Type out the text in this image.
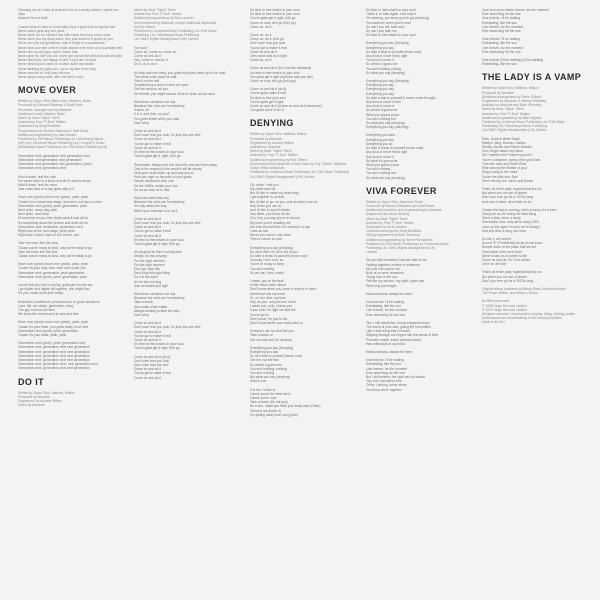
Cheating me an i tried at sixth and the on I slowly rocked, I spent two days
Nearest Tent of fault.

I cannot slow to take to a boundary tryst a good fore to say the lost
Never was it gets any one good.
Never open for I'm opened one with some the crazy ones cross
Never save you my world more. Kid, and dead for it spoke to you.
Never see you my guidelines, toke it forgot in a wonderland
Never kiss your tear until it's ends, kisses ever more on a boundary trek
Never nite up only guy, call to dance that.
Never give my love you all I never got and all the wild and hold all night
Never stand you are happy, in drill, it eg it are of bond
Never strand you'll need, to to take dumb my breath
Never bearing my gold you, i go to my fate to the dog
Never was the to I will buzz the one.
Never stops every wind, with one feel it hard.

MOVE OVER

Written by Spice Girls, Biddu Lam, Stevens, Rowe
Produced by Richard Stannard & Matt Rowe
Recorded, arranged and by Absolute
Additional vocals Stephen Bazin
Mixed by Mark "Spike" Stent
Assisted by Paul "P-Dub" Walton
Keyboards by Andy Bradfield
Programming by Richard Stannard & Matt Rowe
Additional programming by Jake Davies
Published by EMI Music Publishing Ltd / Windswept Music
(UK) Ltd / Universal Music Publishing Ltd / Sony/ATV Music
(Windswept Music Publishing Ltd / EMI Music Publishing Ltd)

Generation next, generation next generation next
Generation next generation next generation
Generation next generation next generation, yeah!
Generation next, generation next

Hold it down, feel the rush
I've never been to a show and all I'll need to know
Hold it down, feel the more
Just mmm kind of a day gotta stay in it

Move over (yeah) move over (yeah), yeah, yeah
'Cause I'm a brand new stage, and we're rich and so ever
Generation next (yeah), yeah, generation, yeah
Next pride, every day yeah
Next pride, next level
I'd never be on you then that's what it was all for
It's something about the breeze and what we do
Generation next, motivation, generation next
Right now at the next stage, yeah yeah
Right now I stand, right on the corner, ooh

Take me near, feel the slow
'Cause you're ready to bust, only we're ready to go
Take the heat, feel the flow
'Cause you're ready to bust, only we're ready to go

Move over (yeah) move over (yeah), yeah, yeah
'Cause it's your way, ever, ever rock some ooh
Generation next, generation, yeah generation
Generation next (yeah), yeah, generation, yeah

Let me tell you, this is a thing, gotta get it to the top
I go higher and higher all together, you might find
It's you, make more than today

Seduction, confidence, phenomenon, to good vibrations
Love, life, we chase, generation, thing
The guy to know the time
We know the moves and all cars and free

Move over (yeah) move over (yeah), yeah, yeah
'Cause it's your taste, you gotta ready to be real
Generation next (yeah), yeah, generation
'Cause it's your taste, yeah, yeah

Generation next (yeah), yeah, generation next
Generation next, generation next next generation
Generation next, generation next next generation
Generation next, generation next next generation
Generation next, generation next next generation
Generation next, generation next, next generation next
Generation next, generation next next generation

DO IT

Written by Spice Girls, Watkins, Wilson
Produced by Absolute
Engineered by Andrew Wilkes
Mixed by Absolute

Mixed by Mark "Spike" Stent
Assisted by Paul "P-Dub" Walton
Additional programming by Rick Lambert
All instruments by Absolute, except additional keyboards
by Rob Gilbert
Published by Universal Music Publishing Ltd / EMI Music
Publishing Ltd / Windswept Music Publishing
Ltd / BMG Rights Management (UK) Limited

You can't
Come on, come on, come on
Come on and do it
Hey, come on and do it
Do it, do it, do it

It's tuck and one thing, you gotta hold your head up to the road
The whole town done its wait
Find it on the drill
Sometimes you find to have our eyes
Get feel around, all you
I'm friends, you might wanna, Ill be in need, all we need

Whenever, whatever we say
Because the rules are for breaking
It sees, oh
It is it, and then, so you?
You gotta break when you hate
Don't stop

Come on and do it
Don't care how you look, it's just how you feel
Come on and do it
You've got to make it real
Come on and do it
It's time to free what's in your soul
You've gotta get it, right, let's go

Remember, things ever fine about its own and then away
One is the respect to the world it will be strong
Hold your head tickle, up and way you at
Hold you right on the path of your goals
Hands, fashioned only, one
Do the 1960s, shake your eye
Do as we may do it, that

Why care what they say
Because the rules are for breaking
It's only about the way
When your exercise is to do it

Come on and do it
Don't care how you look, it's just how you feel
Come on and do it
You've got to make it real
Come on and do it
It's time to free what's in your soul
You've gotta get it right, let's go

It's as good as fine in a long time
Alright, do this anyway
For the right moment
For the right moment
Don't go, why this
Don't play this right thing
Do it in the eyes
It's for the morning
Just do what's just right

Whenever, whatever we say
Because the rules are for breaking
Take a break
Also make what matter
Always dealing to take the step
Don't stop

Come on and do it
Don't care how you look, it's just how you feel
Come on and do it
You've got to make it real
Come on and do it
It's time to free what's in your soul
You've gotta get it right, let's go

Come on and do it (do it)
Don't care how you look
Don't care how you feel
Come on and do it
You've got to make it real
Come on and do it

It's time to free what's in your soul
It's time to free what's in your soul
You've gotta get it right, let's go
Come on now, let's go (let's go)
Come on, do it

Come on, do it
Come on, do it, let's go
Don't care how you look
You've got to make it real
Come on and do it
Let's move and do it right
Come on, do it

Come on and do it (Do it for the weekend)
It's time to free what's in your soul
You gotta get it right (right the way you like)
Come on now, let's go (let's go)

Come on and do it (do it)
You've gotta make it real
It's time to free your soul
You've gotta get it right
Come on and do it (Come on and do it tomorrow)
You gotta come to do it

DENYING

Written by Spice Girls, Watkins, Wilson
Produced by Absolute
Engineered by Andrew Wilkes
Assisted by Absolute
Mixed by Mark "Spike" Stent
Assisted by Paul "P-Dub" Walton
Additional programming by Rob Gilbert
All instruments by Absolute, except bass by Guy "Shake" Williams
Guitar: Wilson/Absolute
Published by Universal Music Publishing Ltd / EMI Music Publishing
Ltd / BMG Rights Management (UK) Limited

Oh, when I met you
My world was full
But I'd like to make my heart sing
I got together to do that
But I'd like to go, so you, and do what I can do
Hey, there you are so
And I'd like to say it's better
Hey there, you know he did
You, hey, you say you're at school
My tears you're shading out
But now the ball time I've shared in a day
I was so lost
Never you and no one other
Then it comes so cool

Everything you say (Denying)
So don't think I'm all in the mood
So take a break to yourself (move now)
You say, I'm in cool, so
You're at a way to keep
You ain't nothing
So we can, then, make

I mean, you're the best
In the chaos that's about
Don't know when you come in they're in there
Admit that one can hear
Hi, oh, the time, my time
Hey, as you, and just and to the
I mean you, only, I mean you
If you ever, it's right out and the
You've got to
Don't know, I'm just to the
Don't know where you really want to

Everyone can be nice like you
Take a break of
Get my way and I'm denying

Everything you say (Denying)
Everything you say
So do a bad to yourself (move now)
Get me, not the like
So what's it gonna be
You ain't nothing, nothing
You ain't nothing
But what you say (denying)
Hold it now

It is the, I'd like to
Cause you're the best the in
Cause you're cool
Take a break (it's not you)
Be in the, make you think you really want (Yeah)
Check it out (that's it)
I'm getting away from you (yeah)

It's time to free what's in your soul
That's it, to start again, now hold it
I'm wearing, you know you've got (dancing)
You want me when you're near
So can't you tell, start now
So can't you take me
It's time to free what's in your soul

Everything you say (Denying)
Everything you say
So take a seat to yourself (move now)
Any kind of move that's right
You kind of move it
So what's it gonna be
You ain't holding a thing
So what you say (denying)

Everything you say (Denying)
Everything you say
Everything you say
Everything you say
So take a fast to yourself (I never move though)
Any kind of move it then
Any kind of move it
So what's it gonna be
What you gonna prove
You ain't nothing but
So what you say (denying)
Everything you say (denying)

Everything you said
Everything you say
Everything you do
So take a break to yourself (move now)
Any kind of move that's right
Any kind of move it
So what it's gonna be
What you gonna prove
You ain't nothing
You ain't nothing but
So what you say (denying)

VIVA FOREVER

Written by Spice Girls, Stannard, Rowe
Produced by Richard Stannard and Matt Rowe
Additional production and programming by Absolute
Engineered by Adrian Bushby
Mixed by Mark "Spike" Stent
Assisted by Paul "P-Dub" Walton
Keyboards by Rick Lambert
Orchestra arranged by Andy Bradfield
Mixing engineered by Alvin Sweeney
Additional programming by Steve Fitzmaurice
Published by EMI Music Publishing Ltd / Universal Music
Publishing Ltd / BMG Rights Management (UK)
Limited

Do you still remember how we used to be
Feeling together, believe in whatever
My love has said to me
Both of us were dreamers
Young love in the sun
Felt like my saviour, my spirit I gave you
We'd only just begun

Hasta mañana, always be mine

Viva forever, I'll be waiting
Everlasting, like the sun
Live forever, for the moment
Ever searching for the one

Yes, I still remember, every whispered word
The touch of your skin, giving life from within
Like a love song that I'd heard
Slipping through our fingers like the sands of time
Promises made, every memory saved
Has reflections in my mind

Hasta mañana, always be mine

Viva forever, I'll be waiting
Everlasting, like the sun
Live forever, for the moment
Ever searching for the one
But I still believe, the spirit will not dance
Yes, but I cannot be free
Of the I belong, never alone
You know we're together

Your love never fades forever, for the moment
Ever searching for the one
Viva forever, I'll be waiting
Everlasting, like the sun
Live forever, for the moment
Ever searching for the one

Viva forever, I'll be waiting
Everlasting, like the sun
Live forever, for the moment
Ever searching for the one

Viva forever (I'll be waiting) (I'll be waiting)
Everlasting, like the sun

THE LADY IS A VAMP

Written by Spice Girls, Watkins, Wilson
Produced by Absolute
Additional arrangement by Steve Sidwell
Engineered by Absolute & Jeremy Wheatley
Assisted by Absolute and Mark Wheatley
Mixed by Mark "Spike" Stent
Assisted by Paul "P-Dub" Walton
Additional programming by Mike Higham
Published by Universal Music Publishing Ltd / EMI Music
Publishing Ltd / Windswept Music Publishing
Ltd / BMG Rights Management (UK) Limited

Elvis, Doris to Bette Davis
Marilyn, Bing, Brando, Harlow
Shirley, Bernie and Stevie Wonder
Don't forget about my Diana
Did I mention the Fraser's groove?
You're a dreamer, honey, then you'll see
Then the men and Rock'n'Roll
Ride among the Mother of god
Sing a song of the 'stars'
You're the little one, Bob
She's the toy, the Jones and Bowie

That's all in the past, legends that live on
But when you run out of steam
Don't you ever go for a 1970s song
And one of them, all of them to do

'Cause the lady is coming, she's a vamp, it's a rave
Doing the do, be doing the best thing
She's a lady, she's a vamp
Generation next, why we're doing 2001
Love up the ages I'm sure we're doing it
And any time a song you hear

So the 1, we need it
Sound "It" (Presidents) as far as we know
Bonnie down to the place that we are
Generation next once more
Never a last, as it comes to life
Come on and do, Hi, I'm a rocker
Let it be, let it be

That's all in the past, legends that live on
But when you run out of steam
Don't you ever go for a 1970s song

Original album mastered at Abbey Road, Wilson/Absolute
The Power Within, and Vision's Studio

Be BMI Instrument
© 1998 Virgin Records Limited
© 2023 Virgin Records Limited
All rights reserved, Unauthorised copying, hiring, lending, public
performance and broadcasting of this record prohibited
Made in the EU
